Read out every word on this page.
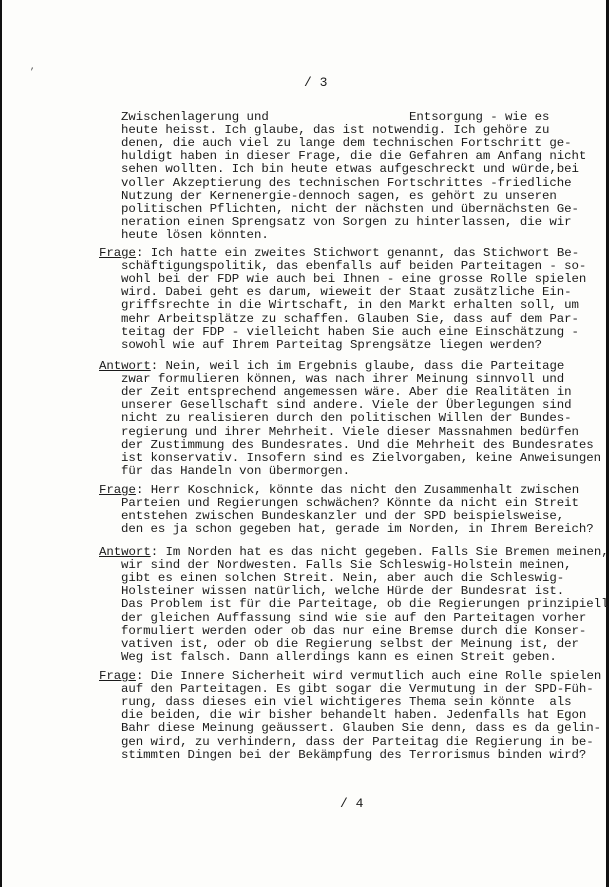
/ 3
Zwischenlagerung und                   Entsorgung - wie es
heute heisst. Ich glaube, das ist notwendig. Ich gehöre zu
denen, die auch viel zu lange dem technischen Fortschritt ge-
huldigt haben in dieser Frage, die die Gefahren am Anfang nicht
sehen wollten. Ich bin heute etwas aufgeschreckt und würde,bei
voller Akzeptierung des technischen Fortschrittes -friedliche
Nutzung der Kernenergie-dennoch sagen, es gehört zu unseren
politischen Pflichten, nicht der nächsten und übernächsten Ge-
neration einen Sprengsatz von Sorgen zu hinterlassen, die wir
heute lösen könnten.
Frage: Ich hatte ein zweites Stichwort genannt, das Stichwort Be-
schäftigungspolitik, das ebenfalls auf beiden Parteitagen - so-
wohl bei der FDP wie auch bei Ihnen - eine grosse Rolle spielen
wird. Dabei geht es darum, wieweit der Staat zusätzliche Ein-
griffsrechte in die Wirtschaft, in den Markt erhalten soll, um
mehr Arbeitsplätze zu schaffen. Glauben Sie, dass auf dem Par-
teitag der FDP - vielleicht haben Sie auch eine Einschätzung -
sowohl wie auf Ihrem Parteitag Sprengsätze liegen werden?
Antwort: Nein, weil ich im Ergebnis glaube, dass die Parteitage
zwar formulieren können, was nach ihrer Meinung sinnvoll und
der Zeit entsprechend angemessen wäre. Aber die Realitäten in
unserer Gesellschaft sind andere. Viele der Überlegungen sind
nicht zu realisieren durch den politischen Willen der Bundes-
regierung und ihrer Mehrheit. Viele dieser Massnahmen bedürfen
der Zustimmung des Bundesrates. Und die Mehrheit des Bundesrates
ist konservativ. Insofern sind es Zielvorgaben, keine Anweisungen
für das Handeln von übermorgen.
Frage: Herr Koschnick, könnte das nicht den Zusammenhalt zwischen
Parteien und Regierungen schwächen? Könnte da nicht ein Streit
entstehen zwischen Bundeskanzler und der SPD beispielsweise,
den es ja schon gegeben hat, gerade im Norden, in Ihrem Bereich?
Antwort: Im Norden hat es das nicht gegeben. Falls Sie Bremen meinen,
wir sind der Nordwesten. Falls Sie Schleswig-Holstein meinen,
gibt es einen solchen Streit. Nein, aber auch die Schleswig-
Holsteiner wissen natürlich, welche Hürde der Bundesrat ist.
Das Problem ist für die Parteitage, ob die Regierungen prinzipiell
der gleichen Auffassung sind wie sie auf den Parteitagen vorher
formuliert werden oder ob das nur eine Bremse durch die Konser-
vativen ist, oder ob die Regierung selbst der Meinung ist, der
Weg ist falsch. Dann allerdings kann es einen Streit geben.
Frage: Die Innere Sicherheit wird vermutlich auch eine Rolle spielen
auf den Parteitagen. Es gibt sogar die Vermutung in der SPD-Füh-
rung, dass dieses ein viel wichtigeres Thema sein könnte  als
die beiden, die wir bisher behandelt haben. Jedenfalls hat Egon
Bahr diese Meinung geäussert. Glauben Sie denn, dass es da gelin-
gen wird, zu verhindern, dass der Parteitag die Regierung in be-
stimmten Dingen bei der Bekämpfung des Terrorismus binden wird?
/ 4
,
